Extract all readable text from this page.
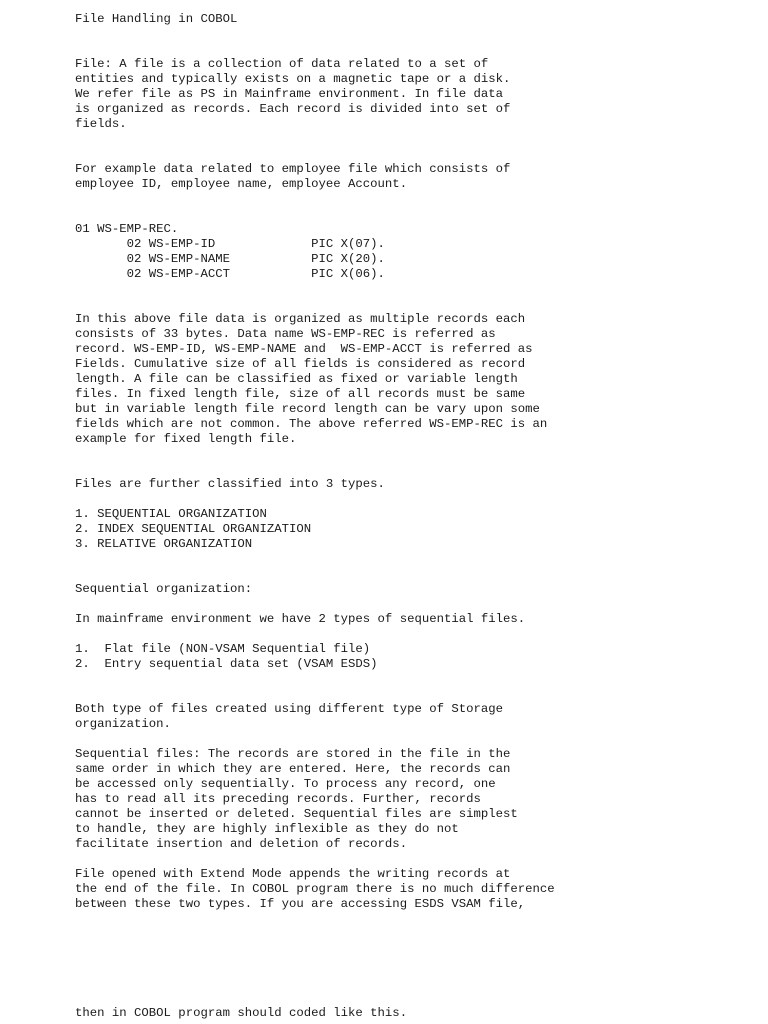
File Handling in COBOL
File: A file is a collection of data related to a set of
entities and typically exists on a magnetic tape or a disk.
We refer file as PS in Mainframe environment. In file data
is organized as records. Each record is divided into set of
fields.
For example data related to employee file which consists of
employee ID, employee name, employee Account.
01 WS-EMP-REC.
02 WS-EMP-ID             PIC X(07).
02 WS-EMP-NAME           PIC X(20).
02 WS-EMP-ACCT           PIC X(06).
In this above file data is organized as multiple records each
consists of 33 bytes. Data name WS-EMP-REC is referred as
record. WS-EMP-ID, WS-EMP-NAME and  WS-EMP-ACCT is referred as
Fields. Cumulative size of all fields is considered as record
length. A file can be classified as fixed or variable length
files. In fixed length file, size of all records must be same
but in variable length file record length can be vary upon some
fields which are not common. The above referred WS-EMP-REC is an
example for fixed length file.
Files are further classified into 3 types.
1. SEQUENTIAL ORGANIZATION
2. INDEX SEQUENTIAL ORGANIZATION
3. RELATIVE ORGANIZATION
Sequential organization:
In mainframe environment we have 2 types of sequential files.
1.  Flat file (NON-VSAM Sequential file)
2.  Entry sequential data set (VSAM ESDS)
Both type of files created using different type of Storage
organization.
Sequential files: The records are stored in the file in the
same order in which they are entered. Here, the records can
be accessed only sequentially. To process any record, one
has to read all its preceding records. Further, records
cannot be inserted or deleted. Sequential files are simplest
to handle, they are highly inflexible as they do not
facilitate insertion and deletion of records.
File opened with Extend Mode appends the writing records at
the end of the file. In COBOL program there is no much difference
between these two types. If you are accessing ESDS VSAM file,
then in COBOL program should coded like this.
